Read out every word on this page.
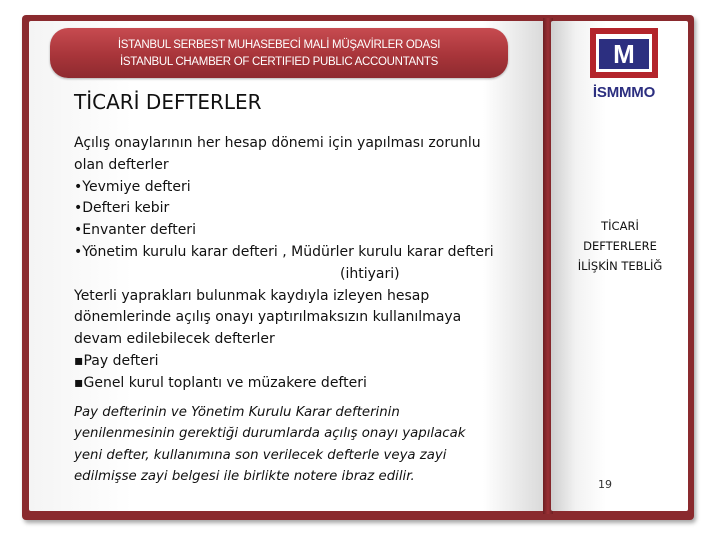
İSTANBUL SERBEST MUHASEBECİ MALİ MÜŞAVİRLER ODASI
İSTANBUL CHAMBER OF CERTIFIED PUBLIC ACCOUNTANTS
TİCARİ DEFTERLER
Açılış onaylarının her hesap dönemi için yapılması zorunlu
olan defterler
•Yevmiye defteri
•Defteri kebir
•Envanter defteri
•Yönetim kurulu karar defteri , Müdürler kurulu karar defteri
(ihtiyari)
Yeterli yaprakları bulunmak kaydıyla izleyen hesap
dönemlerinde açılış onayı yaptırılmaksızın kullanılmaya
devam edilebilecek defterler
▪Pay defteri
▪Genel kurul toplantı ve müzakere defteri
Pay defterinin ve Yönetim Kurulu Karar defterinin
yenilenmesinin gerektiği durumlarda açılış onayı yapılacak
yeni defter, kullanımına son verilecek defterle veya zayi
edilmişse zayi belgesi ile birlikte notere ibraz edilir.
M
İSMMMO
TİCARİ
DEFTERLERE
İLİŞKİN TEBLİĞ
19
